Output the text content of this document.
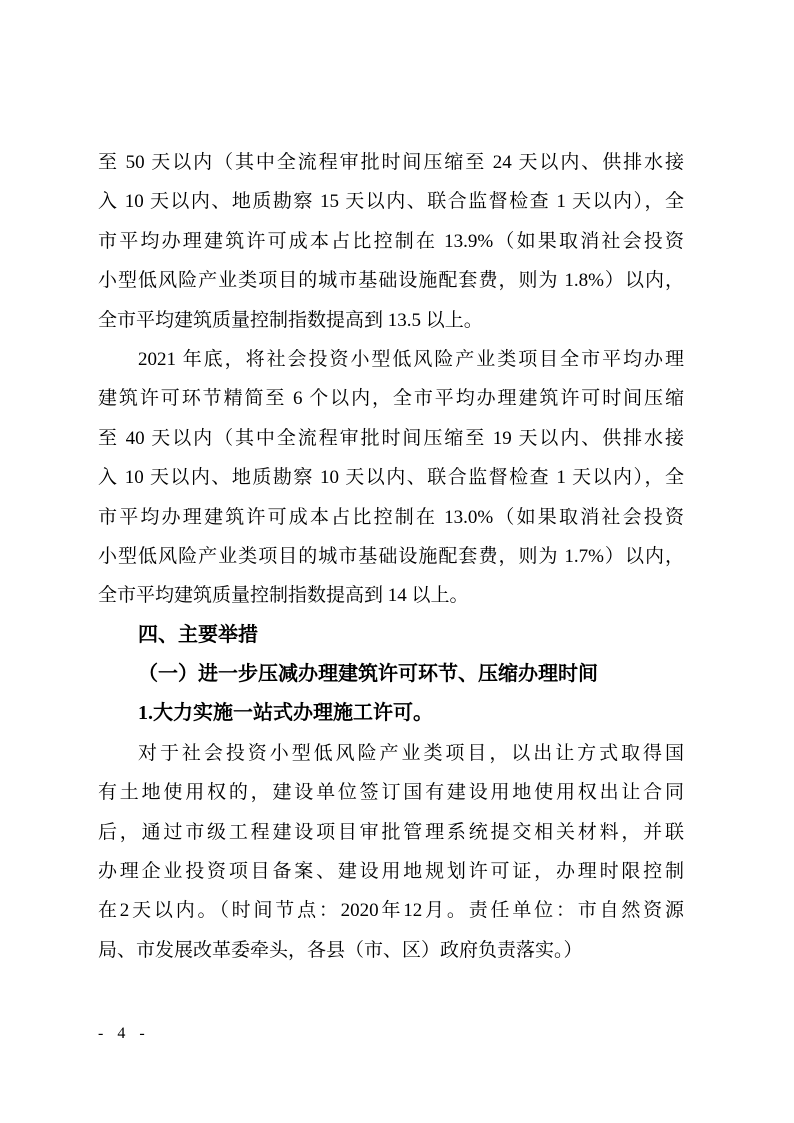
至 50 天以内（其中全流程审批时间压缩至 24 天以内、供排水接
入 10 天以内、地质勘察 15 天以内、联合监督检查 1 天以内），全
市平均办理建筑许可成本占比控制在 13.9%（如果取消社会投资
小型低风险产业类项目的城市基础设施配套费，则为 1.8%）以内，
全市平均建筑质量控制指数提高到 13.5 以上。
2021 年底，将社会投资小型低风险产业类项目全市平均办理
建筑许可环节精简至 6 个以内，全市平均办理建筑许可时间压缩
至 40 天以内（其中全流程审批时间压缩至 19 天以内、供排水接
入 10 天以内、地质勘察 10 天以内、联合监督检查 1 天以内），全
市平均办理建筑许可成本占比控制在 13.0%（如果取消社会投资
小型低风险产业类项目的城市基础设施配套费，则为 1.7%）以内，
全市平均建筑质量控制指数提高到 14 以上。
四、主要举措
（一）进一步压减办理建筑许可环节、压缩办理时间
1.大力实施一站式办理施工许可。
对于社会投资小型低风险产业类项目，以出让方式取得国
有土地使用权的，建设单位签订国有建设用地使用权出让合同
后，通过市级工程建设项目审批管理系统提交相关材料，并联
办理企业投资项目备案、建设用地规划许可证，办理时限控制
在2天以内。（时间节点：2020年12月。责任单位：市自然资源
局、市发展改革委牵头，各县（市、区）政府负责落实。）
- 4 -
